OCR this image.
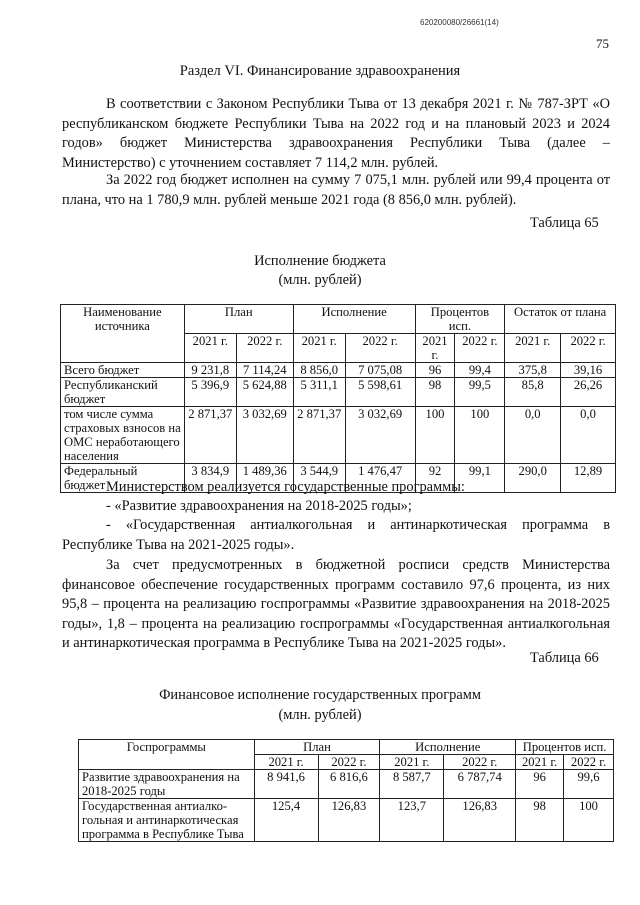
620200080/26661(14)
75
Раздел VI. Финансирование здравоохранения

В соответствии с Законом Республики Тыва от 13 декабря 2021 г. № 787-ЗРТ «О республиканском бюджете Республики Тыва на 2022 год и на плановый 2023 и 2024 годов» бюджет Министерства здравоохранения Республики Тыва (далее – Министерство) с уточнением составляет 7 114,2 млн. рублей.

За 2022 год бюджет исполнен на сумму 7 075,1 млн. рублей или 99,4 процента от плана, что на 1 780,9 млн. рублей меньше 2021 года (8 856,0 млн. рублей).

Таблица 65
Исполнение бюджета
(млн. рублей)
Наименование источника	План		Исполнение		Процентов исп.		Остаток от плана	
	2021 г.	2022 г.	2021 г.	2022 г.	2021 г.	2022 г.	2021 г.	2022 г.
Всего бюджет	9 231,8	7 114,24	8 856,0	7 075,08	96	99,4	375,8	39,16
Республиканский бюджет	5 396,9	5 624,88	5 311,1	5 598,61	98	99,5	85,8	26,26
том числе сумма страховых взносов на ОМС неработающего населения	2 871,37	3 032,69	2 871,37	3 032,69	100	100	0,0	0,0
Федеральный бюджет	3 834,9	1 489,36	3 544,9	1 476,47	92	99,1	290,0	12,89

Министерством реализуется государственные программы:

- «Развитие здравоохранения на 2018-2025 годы»;

- «Государственная антиалкогольная и антинаркотическая программа в Республике Тыва на 2021-2025 годы».

За счет предусмотренных в бюджетной росписи средств Министерства финансовое обеспечение государственных программ составило 97,6 процента, из них 95,8 – процента на реализацию госпрограммы «Развитие здравоохранения на 2018-2025 годы», 1,8 – процента на реализацию госпрограммы «Государственная антиалкогольная и антинаркотическая программа в Республике Тыва на 2021-2025 годы».

Таблица 66
Финансовое исполнение государственных программ
(млн. рублей)
Госпрограммы	План		Исполнение		Процентов исп.	
	2021 г.	2022 г.	2021 г.	2022 г.	2021 г.	2022 г.
Развитие здравоохранения на 2018-2025 годы	8 941,6	6 816,6	8 587,7	6 787,74	96	99,6
Государственная антиалко-гольная и антинаркотическая программа в Республике Тыва	125,4	126,83	123,7	126,83	98	100
